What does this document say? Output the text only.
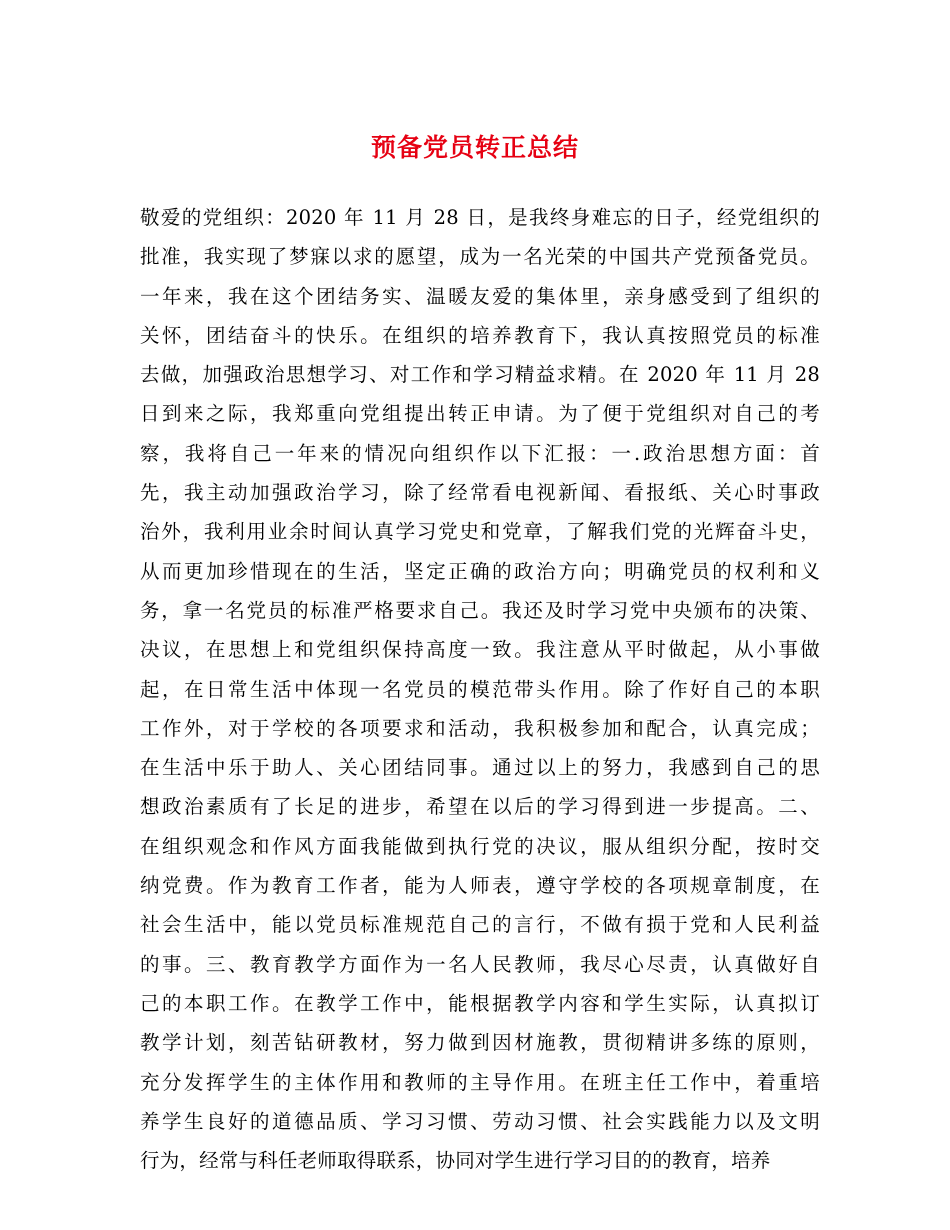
预备党员转正总结
敬爱的党组织：2020 年 11 月 28 日，是我终身难忘的日子，经党组织的
批准，我实现了梦寐以求的愿望，成为一名光荣的中国共产党预备党员。
一年来，我在这个团结务实、温暖友爱的集体里，亲身感受到了组织的
关怀，团结奋斗的快乐。在组织的培养教育下，我认真按照党员的标准
去做，加强政治思想学习、对工作和学习精益求精。在 2020 年 11 月 28
日到来之际，我郑重向党组提出转正申请。为了便于党组织对自己的考
察，我将自己一年来的情况向组织作以下汇报：一.政治思想方面：首
先，我主动加强政治学习，除了经常看电视新闻、看报纸、关心时事政
治外，我利用业余时间认真学习党史和党章，了解我们党的光辉奋斗史，
从而更加珍惜现在的生活，坚定正确的政治方向；明确党员的权利和义
务，拿一名党员的标准严格要求自己。我还及时学习党中央颁布的决策、
决议，在思想上和党组织保持高度一致。我注意从平时做起，从小事做
起，在日常生活中体现一名党员的模范带头作用。除了作好自己的本职
工作外，对于学校的各项要求和活动，我积极参加和配合，认真完成；
在生活中乐于助人、关心团结同事。通过以上的努力，我感到自己的思
想政治素质有了长足的进步，希望在以后的学习得到进一步提高。二、
在组织观念和作风方面我能做到执行党的决议，服从组织分配，按时交
纳党费。作为教育工作者，能为人师表，遵守学校的各项规章制度，在
社会生活中，能以党员标准规范自己的言行，不做有损于党和人民利益
的事。三、教育教学方面作为一名人民教师，我尽心尽责，认真做好自
己的本职工作。在教学工作中，能根据教学内容和学生实际，认真拟订
教学计划，刻苦钻研教材，努力做到因材施教，贯彻精讲多练的原则，
充分发挥学生的主体作用和教师的主导作用。在班主任工作中，着重培
养学生良好的道德品质、学习习惯、劳动习惯、社会实践能力以及文明
行为，经常与科任老师取得联系，协同对学生进行学习目的的教育，培养
